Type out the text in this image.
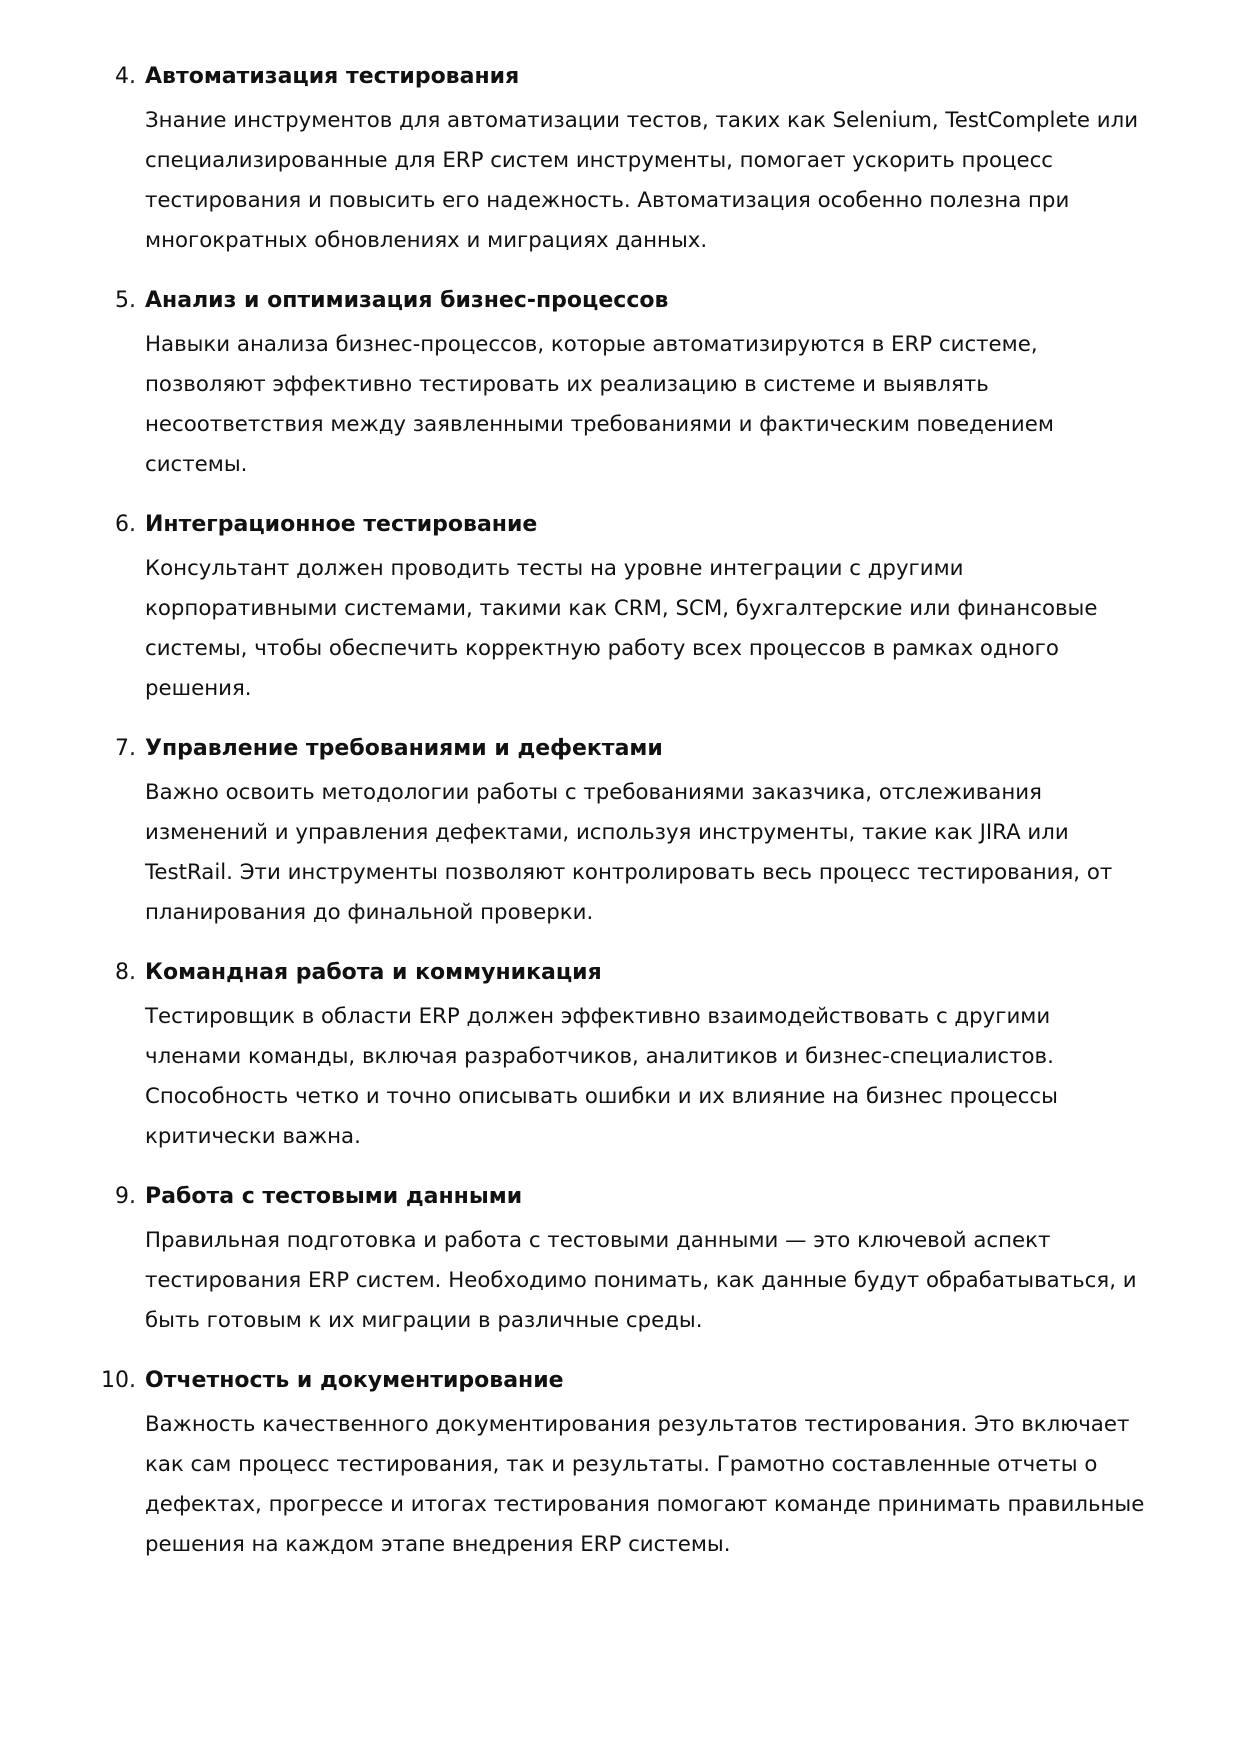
4. Автоматизация тестирования
Знание инструментов для автоматизации тестов, таких как Selenium, TestComplete или
специализированные для ERP систем инструменты, помогает ускорить процесс
тестирования и повысить его надежность. Автоматизация особенно полезна при
многократных обновлениях и миграциях данных.
5. Анализ и оптимизация бизнес-процессов
Навыки анализа бизнес-процессов, которые автоматизируются в ERP системе,
позволяют эффективно тестировать их реализацию в системе и выявлять
несоответствия между заявленными требованиями и фактическим поведением
системы.
6. Интеграционное тестирование
Консультант должен проводить тесты на уровне интеграции с другими
корпоративными системами, такими как CRM, SCM, бухгалтерские или финансовые
системы, чтобы обеспечить корректную работу всех процессов в рамках одного
решения.
7. Управление требованиями и дефектами
Важно освоить методологии работы с требованиями заказчика, отслеживания
изменений и управления дефектами, используя инструменты, такие как JIRA или
TestRail. Эти инструменты позволяют контролировать весь процесс тестирования, от
планирования до финальной проверки.
8. Командная работа и коммуникация
Тестировщик в области ERP должен эффективно взаимодействовать с другими
членами команды, включая разработчиков, аналитиков и бизнес-специалистов.
Способность четко и точно описывать ошибки и их влияние на бизнес процессы
критически важна.
9. Работа с тестовыми данными
Правильная подготовка и работа с тестовыми данными — это ключевой аспект
тестирования ERP систем. Необходимо понимать, как данные будут обрабатываться, и
быть готовым к их миграции в различные среды.
10. Отчетность и документирование
Важность качественного документирования результатов тестирования. Это включает
как сам процесс тестирования, так и результаты. Грамотно составленные отчеты о
дефектах, прогрессе и итогах тестирования помогают команде принимать правильные
решения на каждом этапе внедрения ERP системы.
